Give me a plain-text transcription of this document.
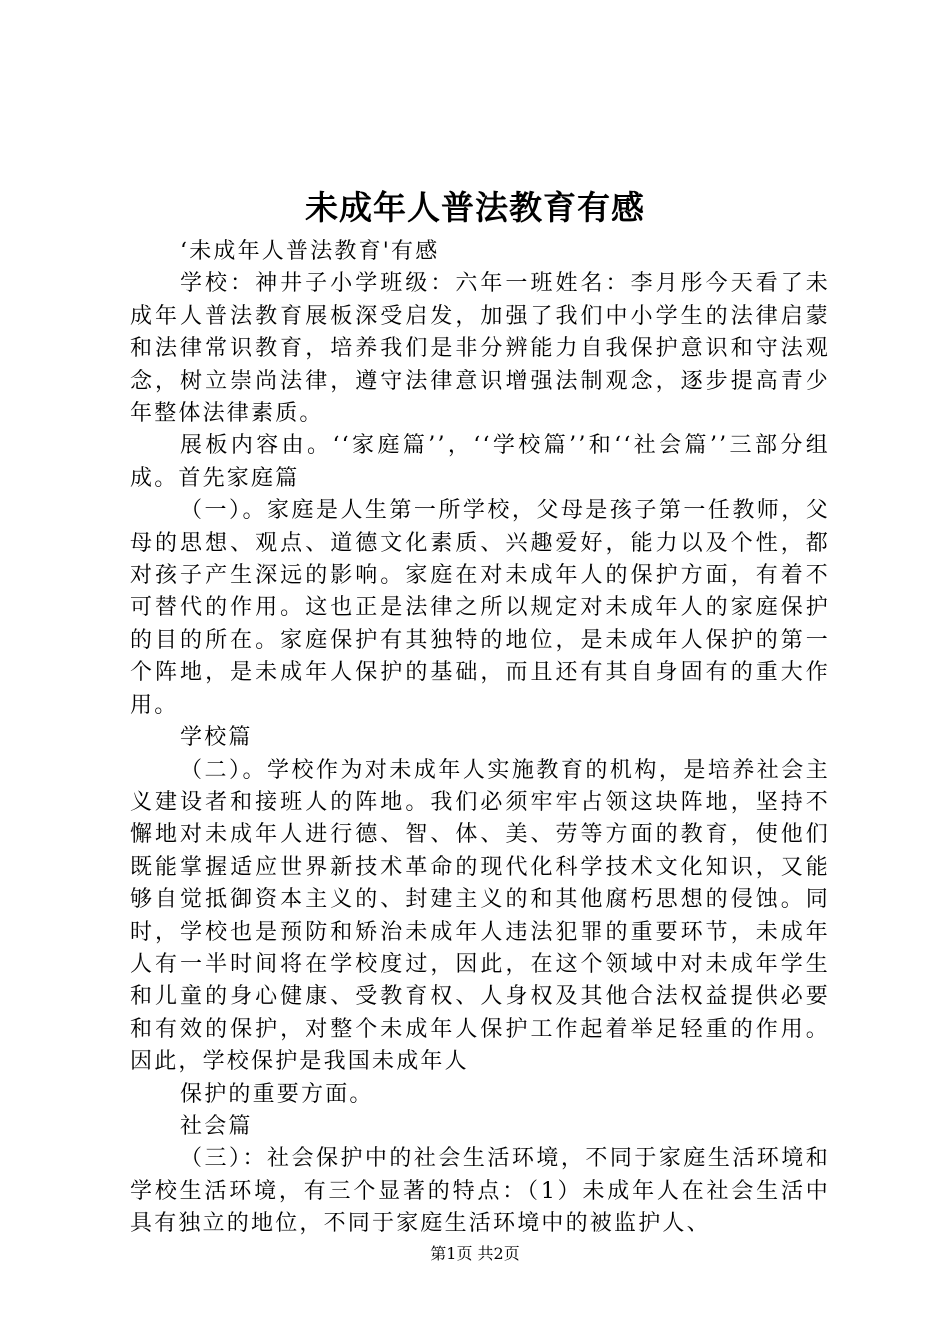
未成年人普法教育有感

‘未成年人普法教育'有感

学校：神井子小学班级：六年一班姓名：李月彤今天看了未成年人普法教育展板深受启发，加强了我们中小学生的法律启蒙和法律常识教育，培养我们是非分辨能力自我保护意识和守法观念，树立崇尚法律，遵守法律意识增强法制观念，逐步提高青少年整体法律素质。

展板内容由。‘‘家庭篇’’，‘‘学校篇’’和‘‘社会篇’’三部分组成。首先家庭篇

（一）。家庭是人生第一所学校，父母是孩子第一任教师，父母的思想、观点、道德文化素质、兴趣爱好，能力以及个性，都对孩子产生深远的影响。家庭在对未成年人的保护方面，有着不可替代的作用。这也正是法律之所以规定对未成年人的家庭保护的目的所在。家庭保护有其独特的地位，是未成年人保护的第一个阵地，是未成年人保护的基础，而且还有其自身固有的重大作用。

学校篇

（二）。学校作为对未成年人实施教育的机构，是培养社会主义建设者和接班人的阵地。我们必须牢牢占领这块阵地，坚持不懈地对未成年人进行德、智、体、美、劳等方面的教育，使他们既能掌握适应世界新技术革命的现代化科学技术文化知识，又能够自觉抵御资本主义的、封建主义的和其他腐朽思想的侵蚀。同时，学校也是预防和矫治未成年人违法犯罪的重要环节，未成年人有一半时间将在学校度过，因此，在这个领域中对未成年学生和儿童的身心健康、受教育权、人身权及其他合法权益提供必要和有效的保护，对整个未成年人保护工作起着举足轻重的作用。因此，学校保护是我国未成年人

保护的重要方面。

社会篇

（三）：社会保护中的社会生活环境，不同于家庭生活环境和学校生活环境，有三个显著的特点：（1）未成年人在社会生活中具有独立的地位，不同于家庭生活环境中的被监护人、

第1页 共2页
